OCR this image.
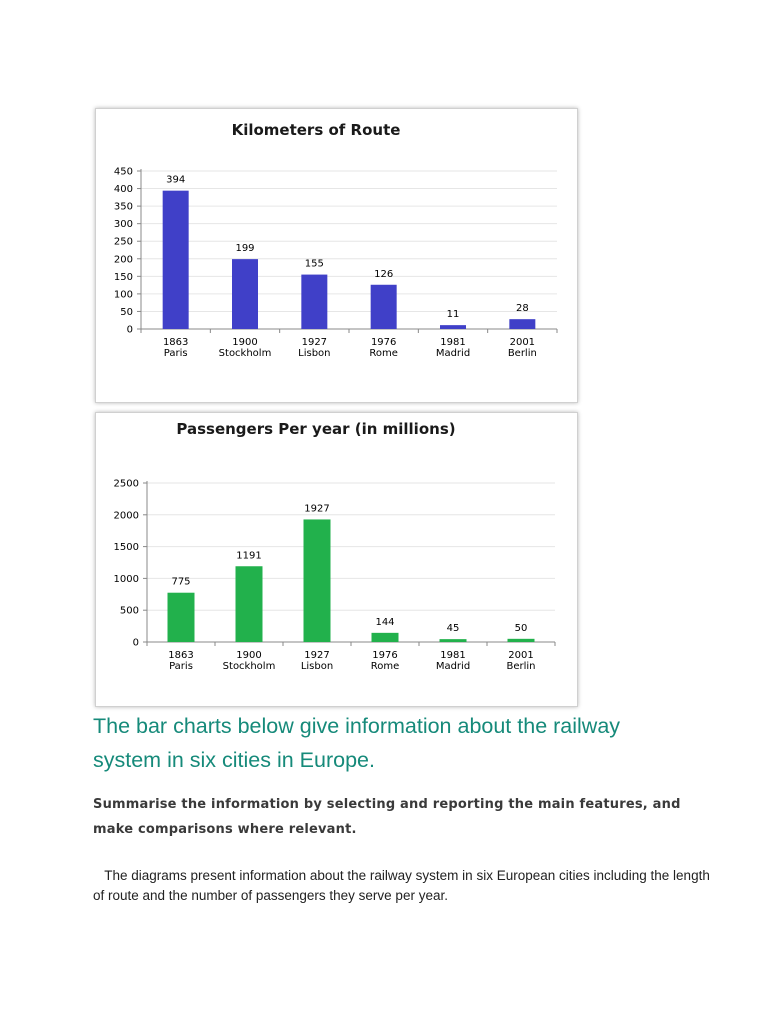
Kilometers of Route
0
50
100
150
200
250
300
350
400
450
394
1863
Paris
199
1900
Stockholm
155
1927
Lisbon
126
1976
Rome
11
1981
Madrid
28
2001
Berlin
Passengers Per year (in millions)
0
500
1000
1500
2000
2500
775
1863
Paris
1191
1900
Stockholm
1927
1927
Lisbon
144
1976
Rome
45
1981
Madrid
50
2001
Berlin

The bar charts below give information about the railway system in six cities in Europe.

Summarise the information by selecting and reporting the main features, and make comparisons where relevant.

The diagrams present information about the railway system in six European cities including the length of route and the number of passengers they serve per year.
